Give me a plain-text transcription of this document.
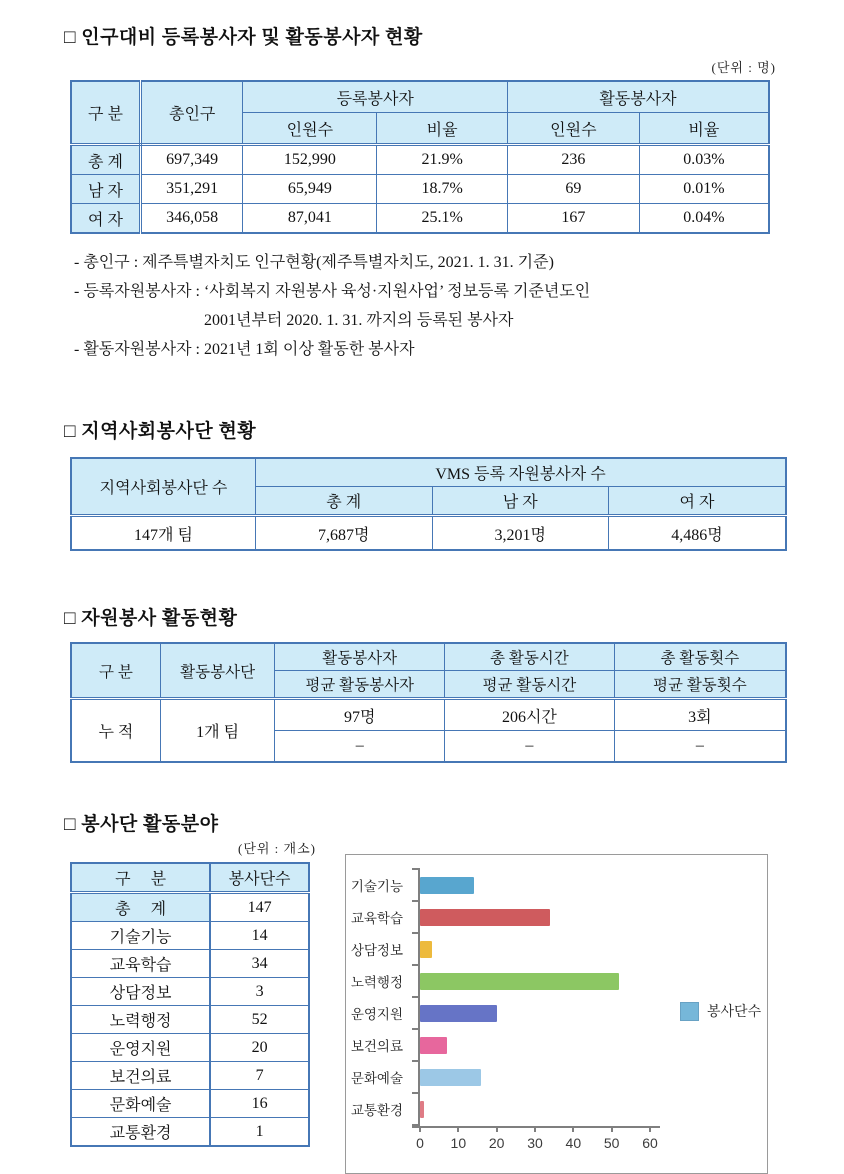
□ 인구대비 등록봉사자 및 활동봉사자 현황
(단위 : 명)
구 분	총인구	등록봉사자		활동봉사자	
		인원수	비율	인원수	비율
총 계	697,349	152,990	21.9%	236	0.03%
남 자	351,291	65,949	18.7%	69	0.01%
여 자	346,058	87,041	25.1%	167	0.04%
- 총인구 : 제주특별자치도 인구현황(제주특별자치도, 2021. 1. 31. 기준)
- 등록자원봉사자 : ‘사회복지 자원봉사 육성·지원사업’ 정보등록 기준년도인
2001년부터 2020. 1. 31. 까지의 등록된 봉사자
- 활동자원봉사자 : 2021년 1회 이상 활동한 봉사자
□ 지역사회봉사단 현황
지역사회봉사단 수	VMS 등록 자원봉사자 수		
	총 계	남 자	여 자
147개 팀	7,687명	3,201명	4,486명
□ 자원봉사 활동현황
구 분	활동봉사단	활동봉사자	총 활동시간	총 활동횟수
		평균 활동봉사자	평균 활동시간	평균 활동횟수
누 적	1개 팀	97명	206시간	3회
		–	–	–
□ 봉사단 활동분야
(단위 : 개소)
구     분	봉사단수
총     계	147
기술기능	14
교육학습	34
상담정보	3
노력행정	52
운영지원	20
보건의료	7
문화예술	16
교통환경	1
기술기능
교육학습
상담정보
노력행정
운영지원
보건의료
문화예술
교통환경
0 10 20 30 40 50 60
봉사단수
